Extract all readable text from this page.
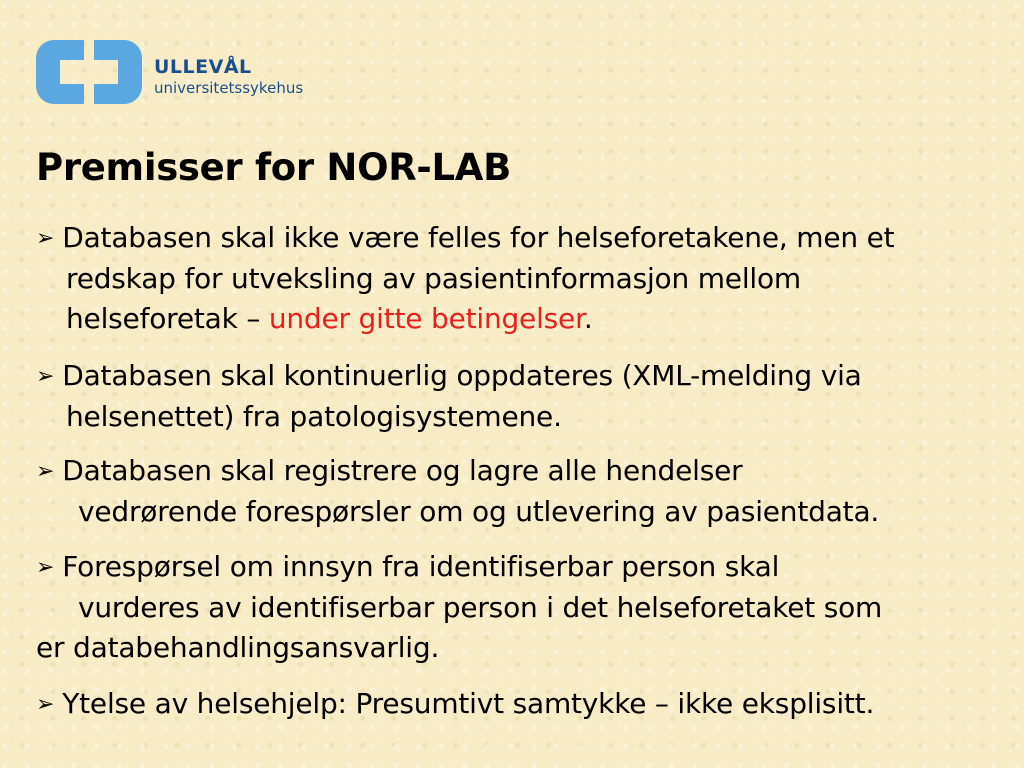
ULLEVÅL
universitetssykehus
Premisser for NOR-LAB
➢ Databasen skal ikke være felles for helseforetakene, men et
redskap for utveksling av pasientinformasjon mellom
helseforetak – under gitte betingelser.
➢ Databasen skal kontinuerlig oppdateres (XML-melding via
helsenettet) fra patologisystemene.
➢ Databasen skal registrere og lagre alle hendelser
vedrørende forespørsler om og utlevering av pasientdata.
➢ Forespørsel om innsyn fra identifiserbar person skal
vurderes av identifiserbar person i det helseforetaket som
er databehandlingsansvarlig.
➢ Ytelse av helsehjelp: Presumtivt samtykke – ikke eksplisitt.
